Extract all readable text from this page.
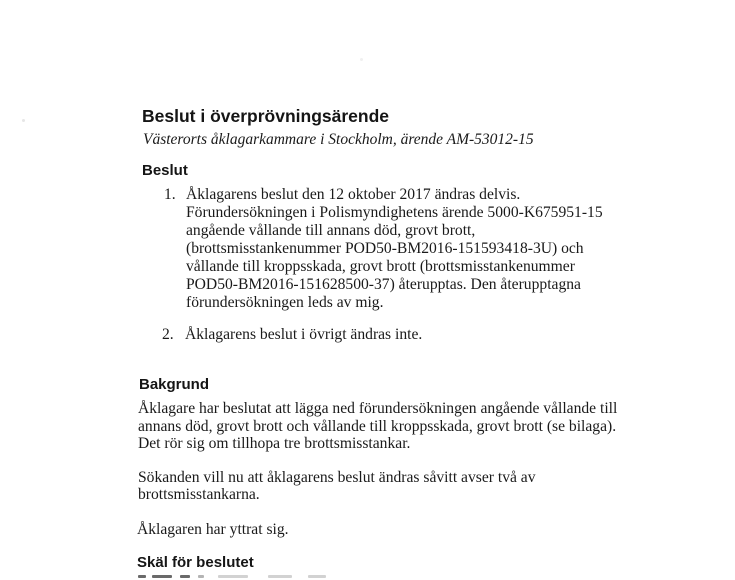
Beslut i överprövningsärende
Västerorts åklagarkammare i Stockholm, ärende AM-53012-15
Beslut
1. Åklagarens beslut den 12 oktober 2017 ändras delvis.
Förundersökningen i Polismyndighetens ärende 5000-K675951-15
angående vållande till annans död, grovt brott,
(brottsmisstankenummer POD50-BM2016-151593418-3U) och
vållande till kroppsskada, grovt brott (brottsmisstankenummer
POD50-BM2016-151628500-37) återupptas. Den återupptagna
förundersökningen leds av mig.
2. Åklagarens beslut i övrigt ändras inte.
Bakgrund
Åklagare har beslutat att lägga ned förundersökningen angående vållande till
annans död, grovt brott och vållande till kroppsskada, grovt brott (se bilaga).
Det rör sig om tillhopa tre brottsmisstankar.
Sökanden vill nu att åklagarens beslut ändras såvitt avser två av
brottsmisstankarna.
Åklagaren har yttrat sig.
Skäl för beslutet
